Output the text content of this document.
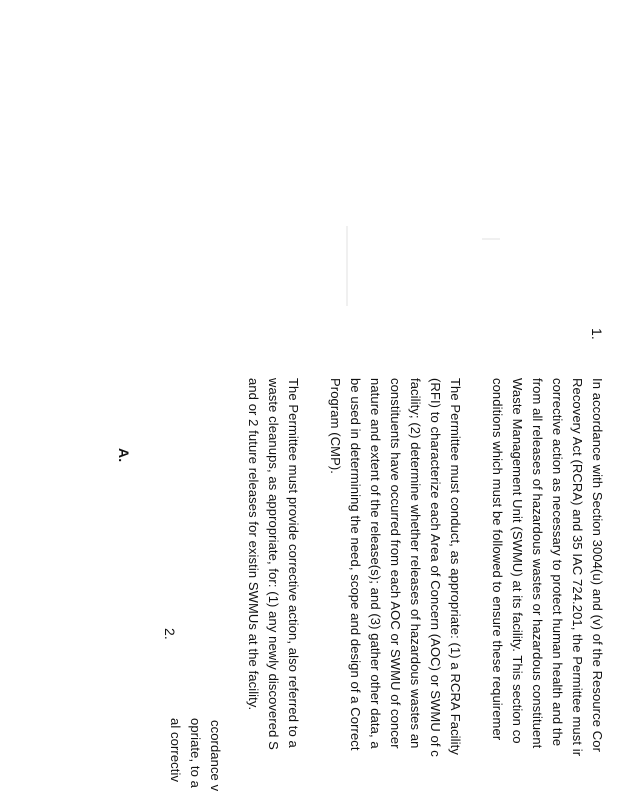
1.
In accordance with Section 3004(u) and (v) of the Resource Cor
Recovery Act (RCRA) and 35 IAC 724.201, the Permittee must ir
corrective action as necessary to protect human health and the
from all releases of hazardous wastes or hazardous constituent
Waste Management Unit (SWMU) at its facility. This section co
conditions which must be followed to ensure these requiremer
The Permittee must conduct, as appropriate: (1) a RCRA Facility
(RFI) to characterize each Area of Concern (AOC) or SWMU of c
facility; (2) determine whether releases of hazardous wastes an
constituents have occurred from each AOC or SWMU of concer
nature and extent of the release(s); and (3) gather other data, a
be used in determining the need, scope and design of a Correct
Program (CMP).
The Permittee must provide corrective action, also referred to a
waste cleanups, as appropriate, for: (1) any newly discovered S
and or 2 future releases for existin SWMUs at the facility.
A.
2.
ccordance v
opriate, to a
al correctiv
